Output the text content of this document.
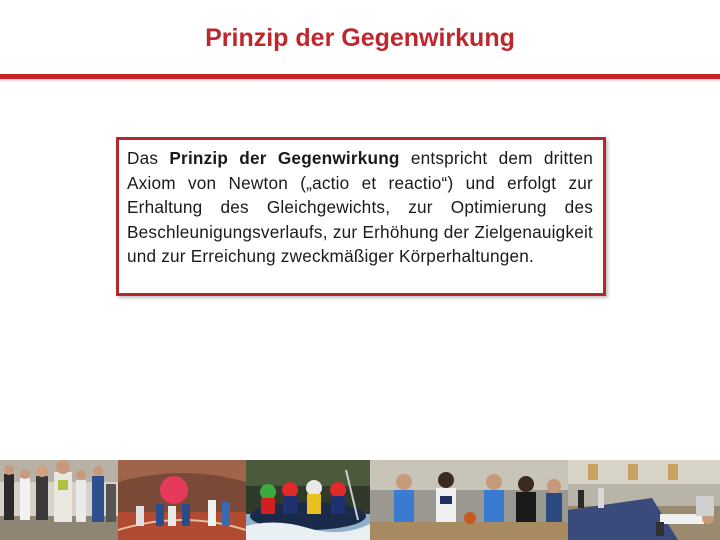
Prinzip der Gegenwirkung

Das Prinzip der Gegenwirkung entspricht dem dritten Axiom von Newton („actio et reactio“) und erfolgt zur Erhaltung des Gleichgewichts, zur Optimierung des Beschleunigungsverlaufs, zur Erhöhung der Zielgenauigkeit und zur Erreichung zweckmäßiger Körperhaltungen.
